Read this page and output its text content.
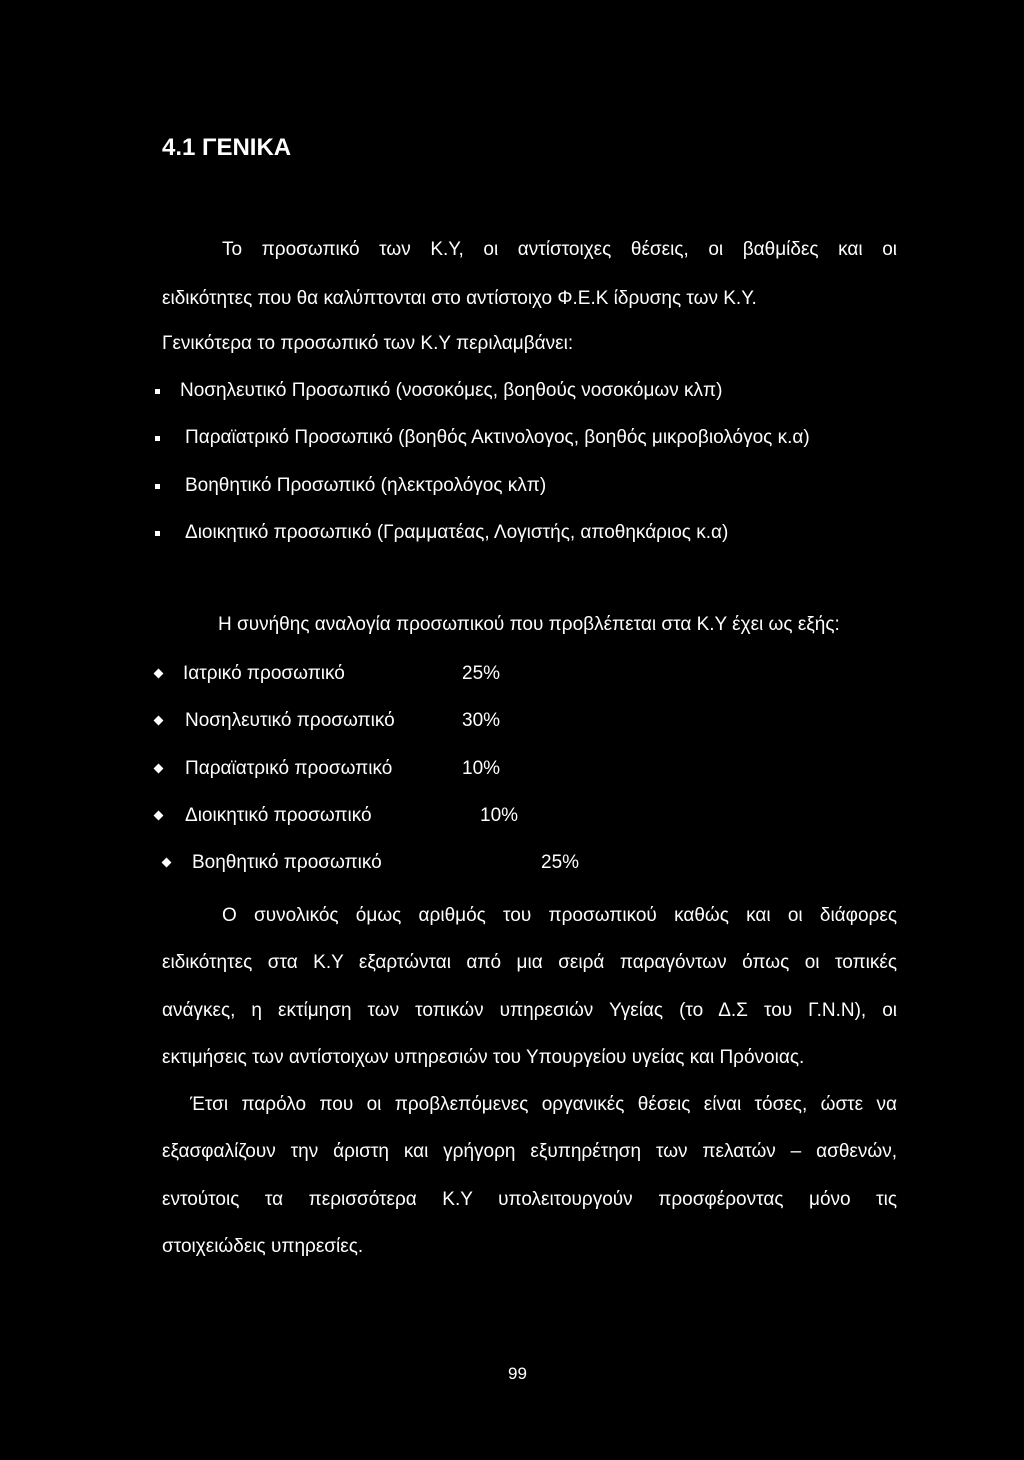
4.1 ΓΕΝΙΚΑ
Το προσωπικό των Κ.Υ, οι αντίστοιχες θέσεις, οι βαθμίδες και οι
ειδικότητες που θα καλύπτονται στο αντίστοιχο Φ.Ε.Κ ίδρυσης των Κ.Υ.
Γενικότερα το προσωπικό των Κ.Υ περιλαμβάνει:
Νοσηλευτικό Προσωπικό (νοσοκόμες, βοηθούς νοσοκόμων κλπ)
Παραϊατρικό Προσωπικό (βοηθός Ακτινολογος, βοηθός μικροβιολόγος κ.α)
Βοηθητικό Προσωπικό (ηλεκτρολόγος κλπ)
Διοικητικό προσωπικό (Γραμματέας, Λογιστής, αποθηκάριος κ.α)
Η συνήθης αναλογία προσωπικού που προβλέπεται στα Κ.Υ έχει ως εξής:
Ιατρικό προσωπικό	25%
Νοσηλευτικό προσωπικό	30%
Παραϊατρικό προσωπικό	10%
Διοικητικό προσωπικό	10%
Βοηθητικό προσωπικό	25%
Ο συνολικός όμως αριθμός του προσωπικού καθώς και οι διάφορες
ειδικότητες στα Κ.Υ εξαρτώνται από μια σειρά παραγόντων όπως οι τοπικές
ανάγκες, η εκτίμηση των τοπικών υπηρεσιών Υγείας (το Δ.Σ του Γ.Ν.Ν), οι
εκτιμήσεις των αντίστοιχων υπηρεσιών του Υπουργείου υγείας και Πρόνοιας.
Έτσι παρόλο που οι προβλεπόμενες οργανικές θέσεις είναι τόσες, ώστε να
εξασφαλίζουν την άριστη και γρήγορη εξυπηρέτηση των πελατών – ασθενών,
εντούτοις τα περισσότερα Κ.Υ υπολειτουργούν προσφέροντας μόνο τις
στοιχειώδεις υπηρεσίες.
99
